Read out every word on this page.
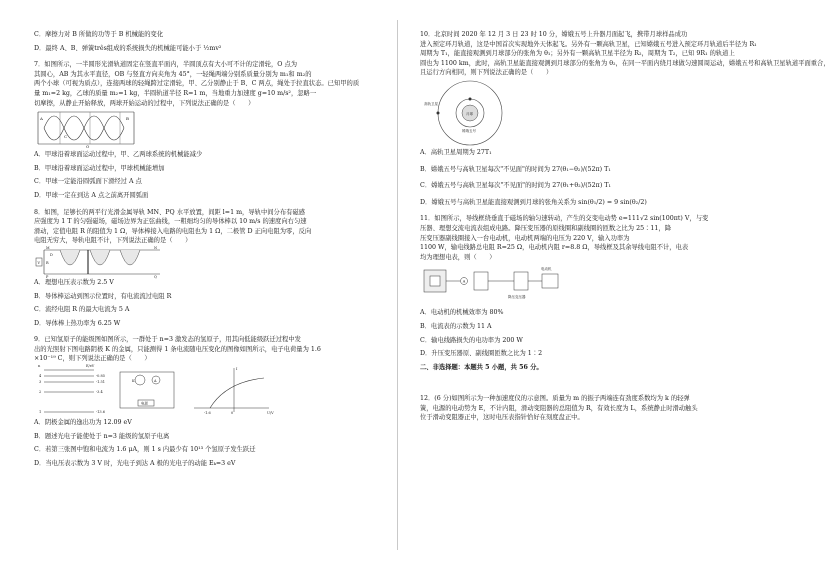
C．摩擦力对 B 所做的功等于 B 机械能的变化
D．最终 A、B、弹簧três组成的系统损失的机械能可能小于 ½mv²
7．如图所示，一半圆形光滑轨道固定在竖直平面内，半圆顶点有大小可不计的定滑轮，O 点为
其圆心，AB 为其水平直径，OB 与竖直方向夹角为 45°，一轻绳两端分别系质量分别为 m₁和 m₂的
两个小球（可视为质点），连接两球的轻绳跨过定滑轮，甲、乙分别静止于 B、C 两点，绳处于拉直状态。已知甲的质
量 m₁=2 kg，乙球的质量 m₂=1 kg，半圆轨道半径 R=1 m，当地重力加速度 g=10 m/s²，忽略一
切摩擦，从静止开始释放，两球开始运动的过程中，下列说法正确的是（　　）
A
O
B
C
A．甲球沿着球面运动过程中，甲、乙两球系统的机械能减少
B．甲球沿着球面运动过程中，甲球机械能增加
C．甲球一定能沿圆弧面下滑经过 A 点
D．甲球一定在到达 A 点之前离开圆弧面
8．如图，足够长的两平行光滑金属导轨 MN、PQ 水平放置，间距 l=1 m，导轨中间分布有磁感
应强度为 1 T 的匀强磁场，磁场边界为正弦曲线，一粗细均匀的导体棒以 10 m/s 的速度向右匀速
滑动，定值电阻 R 的阻值为 1 Ω，导体棒接入电路的电阻也为 1 Ω，二极管 D 正向电阻为零，反向
电阻无穷大，导轨电阻不计，下列说法正确的是（　　）
M	N
P	Q
R
D
V
A．理想电压表示数为 2.5 V
B．导体棒运动到图示位置时，有电流流过电阻 R
C．流经电阻 R 的最大电流为 5 A
D．导体棒上热功率为 6.25 W
9．已知氢原子的能级图如图所示，一群处于 n=3 激发态的氢原子，用其向低能级跃迁过程中发
出的光照射下图电路阴极 K 的金属，只能测得 1 条电流随电压变化的图像如图所示，电子电荷量为 1.6
×10⁻¹⁹ C，则下列说法正确的是（　　）
n	E/eV
4
3
2
1
-0.85
-1.51
-3.4
-13.6
K	A
电源
I
U/V
-1.6	0
A．阴极金属的逸出功为 12.09 eV
B．题述光电子能使处于 n=3 能级的氢原子电离
C．若第三张图中饱和电流为 1.6 μA，则 1 s 内最少有 10¹³ 个氢原子发生跃迁
D．当电压表示数为 3 V 时，光电子到达 A 极的光电子的动能 Eₖ=3 eV
10．北京时间 2020 年 12 月 3 日 23 时 10 分，嫦娥五号上升器月面起飞，携带月球样品成功
进入预定环月轨道，这是中国首次实现地外天体起飞。另外有一颗高轨卫星，已知嫦娥五号进入预定环月轨道后半径为 R₁
周期为 T₁，能直接观测到月球部分的张角为 θ₁；另外有一颗高轨卫星半径为 R₂，周期为 T₂，已知 9R₁ 的轨道上
圆也为 1100 km，此时，高轨卫星能直接观测到月球部分的张角为 θ₂，在同一平面内绕月球做匀速圆周运动，嫦娥五号和高轨卫星轨道平面重合，
且运行方向相同，则下列说法正确的是（　　）
高轨卫星
月球
嫦娥五号
A．高轨卫星周期为 27T₁
B．嫦娥五号与高轨卫星每次"不见面"的时间为 27(θ₁−θ₂)/(52π) T₁
C．嫦娥五号与高轨卫星每次"不见面"的时间为 27(θ₁+θ₂)/(52π) T₁
D．嫦娥五号与高轨卫星能直接观测到月球的张角关系为 sin(θ₁/2) = 9 sin(θ₂/2)
11．如图所示，导线框绕垂直于磁场的轴匀速转动，产生的交变电动势 e=111√2 sin(100πt) V，与变
压器、理想交流电流表组成电路。降压变压器的原线圈和副线圈的匝数之比为 25∶11，降
压变压器副线圈接入一台电动机，电动机两端的电压为 220 V，输入功率为
1100 W，输电线路总电阻 R=25 Ω，电动机内阻 r=8.8 Ω，导线框及其余导线电阻不计，电表
均为理想电表，则（　　）
A
电动机
降压变压器
A．电动机的机械效率为 80%
B．电流表的示数为 11 A
C．输电线路损失的电功率为 200 W
D．升压变压器原、副线圈匝数之比为 1∶2
二、非选择题：本题共 5 小题，共 56 分。
12．(6 分)如图所示为一种加速度仪的示意图。质量为 m 的振子两端连有劲度系数均为 k 的轻弹
簧，电源的电动势为 E，不计内阻，滑动变阻器的总阻值为 R，有效长度为 L，系统静止时滑动触头
位于滑动变阻器正中，这时电压表指针恰好在刻度盘正中。
